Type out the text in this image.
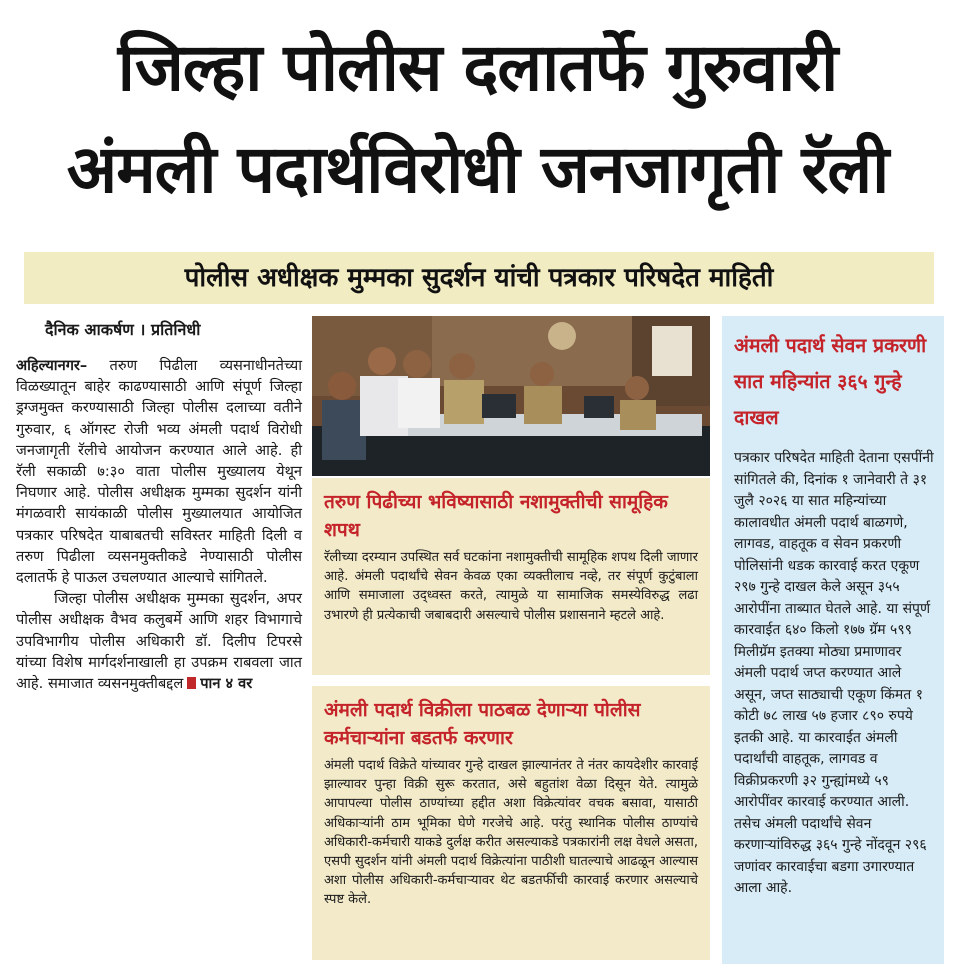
जिल्हा पोलीस दलातर्फे गुरुवारी
अंमली पदार्थविरोधी जनजागृती रॅली
पोलीस अधीक्षक मुम्मका सुदर्शन यांची पत्रकार परिषदेत माहिती
दैनिक आकर्षण । प्रतिनिधी

अहिल्यानगर– तरुण पिढीला व्यसनाधीनतेच्या विळख्यातून बाहेर काढण्यासाठी आणि संपूर्ण जिल्हा ड्रग्जमुक्त करण्यासाठी जिल्हा पोलीस दलाच्या वतीने गुरुवार, ६ ऑगस्ट रोजी भव्य अंमली पदार्थ विरोधी जनजागृती रॅलीचे आयोजन करण्यात आले आहे. ही रॅली सकाळी ७:३० वाता पोलीस मुख्यालय येथून निघणार आहे. पोलीस अधीक्षक मुम्मका सुदर्शन यांनी मंगळवारी सायंकाळी पोलीस मुख्यालयात आयोजित पत्रकार परिषदेत याबाबतची सविस्तर माहिती दिली व तरुण पिढीला व्यसनमुक्तीकडे नेण्यासाठी पोलीस दलातर्फे हे पाऊल उचलण्यात आल्याचे सांगितले.

जिल्हा पोलीस अधीक्षक मुम्मका सुदर्शन, अपर पोलीस अधीक्षक वैभव कलुबर्मे आणि शहर विभागाचे उपविभागीय पोलीस अधिकारी डॉ. दिलीप टिपरसे यांच्या विशेष मार्गदर्शनाखाली हा उपक्रम राबवला जात आहे. समाजात व्यसनमुक्तीबद्दल पान ४ वर

तरुण पिढीच्या भविष्यासाठी नशामुक्तीची सामूहिक शपथ
रॅलीच्या दरम्यान उपस्थित सर्व घटकांना नशामुक्तीची सामूहिक शपथ दिली जाणार आहे. अंमली पदार्थांचे सेवन केवळ एका व्यक्तीलाच नव्हे, तर संपूर्ण कुटुंबाला आणि समाजाला उद्ध्वस्त करते, त्यामुळे या सामाजिक समस्येविरुद्ध लढा उभारणे ही प्रत्येकाची जबाबदारी असल्याचे पोलीस प्रशासनाने म्हटले आहे.
अंमली पदार्थ विक्रीला पाठबळ देणाऱ्या पोलीस कर्मचाऱ्यांना बडतर्फ करणार
अंमली पदार्थ विक्रेते यांच्यावर गुन्हे दाखल झाल्यानंतर ते नंतर कायदेशीर कारवाई झाल्यावर पुन्हा विक्री सुरू करतात, असे बहुतांश वेळा दिसून येते. त्यामुळे आपापल्या पोलीस ठाण्यांच्या हद्दीत अशा विक्रेत्यांवर वचक बसावा, यासाठी अधिकाऱ्यांनी ठाम भूमिका घेणे गरजेचे आहे. परंतु स्थानिक पोलीस ठाण्यांचे अधिकारी-कर्मचारी याकडे दुर्लक्ष करीत असल्याकडे पत्रकारांनी लक्ष वेधले असता, एसपी सुदर्शन यांनी अंमली पदार्थ विक्रेत्यांना पाठीशी घातल्याचे आढळून आल्यास अशा पोलीस अधिकारी-कर्मचाऱ्यावर थेट बडतर्फीची कारवाई करणार असल्याचे स्पष्ट केले.
अंमली पदार्थ सेवन प्रकरणी सात महिन्यांत ३६५ गुन्हे दाखल
पत्रकार परिषदेत माहिती देताना एसपींनी सांगितले की, दिनांक १ जानेवारी ते ३१ जुलै २०२६ या सात महिन्यांच्या कालावधीत अंमली पदार्थ बाळगणे, लागवड, वाहतूक व सेवन प्रकरणी पोलिसांनी धडक कारवाई करत एकूण २९७ गुन्हे दाखल केले असून ३५५ आरोपींना ताब्यात घेतले आहे. या संपूर्ण कारवाईत ६४० किलो १७७ ग्रॅम ५९९ मिलीग्रॅम इतक्या मोठ्या प्रमाणावर अंमली पदार्थ जप्त करण्यात आले असून, जप्त साठ्याची एकूण किंमत १ कोटी ७८ लाख ५७ हजार ८९० रुपये इतकी आहे. या कारवाईत अंमली पदार्थांची वाहतूक, लागवड व विक्रीप्रकरणी ३२ गुन्ह्यांमध्ये ५९ आरोपींवर कारवाई करण्यात आली. तसेच अंमली पदार्थांचे सेवन करणाऱ्यांविरुद्ध ३६५ गुन्हे नोंदवून २९६ जणांवर कारवाईचा बडगा उगारण्यात आला आहे.
